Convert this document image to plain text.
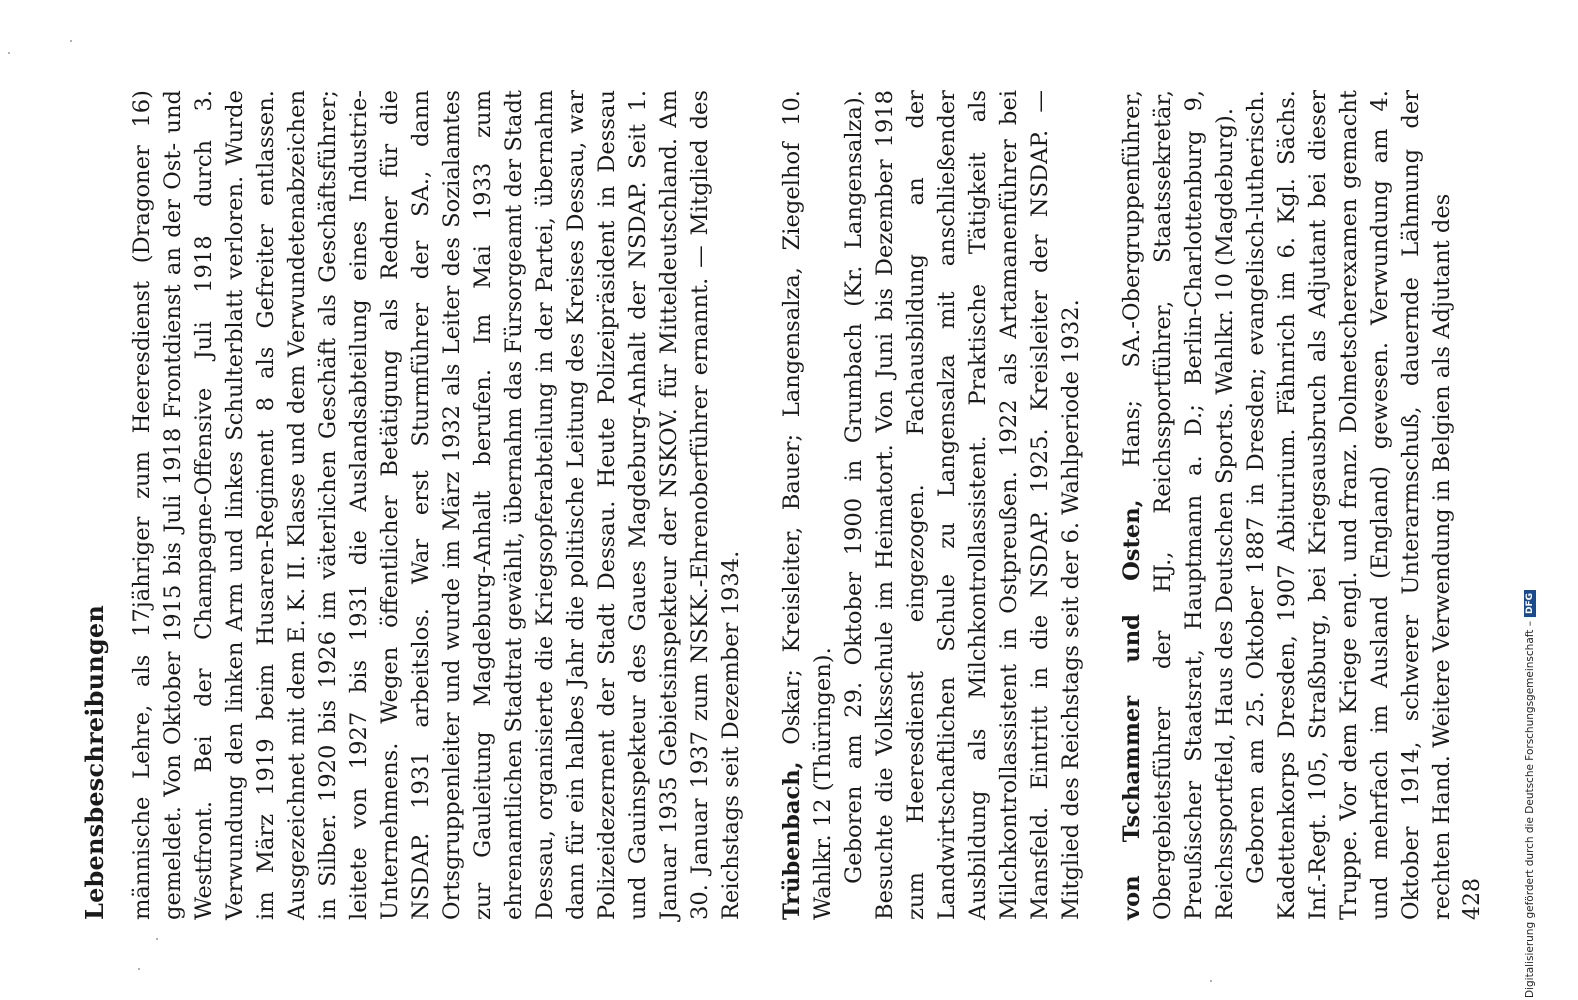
Lebensbeschreibungen männische Lehre, als 17jähriger zum Heeresdienst (Dragoner 16) gemeldet. Von Oktober 1915 bis Juli 1918 Frontdienst an der Ost- und Westfront. Bei der Champagne-Offensive Juli 1918 durch 3. Verwundung den linken Arm und linkes Schulterblatt verloren. Wurde im März 1919 beim Husaren-Regiment 8 als Gefreiter entlassen. Ausgezeichnet mit dem E. K. II. Klasse und dem Verwundetenabzeichen in Silber. 1920 bis 1926 im väterlichen Geschäft als Geschäftsführer; leitete von 1927 bis 1931 die Auslandsabteilung eines Industrie-Unternehmens. Wegen öffentlicher Betätigung als Redner für die NSDAP. 1931 arbeitslos. War erst Sturmführer der SA., dann Ortsgruppenleiter und wurde im März 1932 als Leiter des Sozialamtes zur Gauleitung Magdeburg-Anhalt berufen. Im Mai 1933 zum ehrenamtlichen Stadtrat gewählt, übernahm das Fürsorgeamt der Stadt Dessau, organisierte die Kriegsopferabteilung in der Partei, übernahm dann für ein halbes Jahr die politische Leitung des Kreises Dessau, war Polizeidezernent der Stadt Dessau. Heute Polizeipräsident in Dessau und Gauinspekteur des Gaues Magdeburg-Anhalt der NSDAP. Seit 1. Januar 1935 Gebietsinspekteur der NSKOV. für Mitteldeutschland. Am 30. Januar 1937 zum NSKK.-Ehrenoberführer ernannt. — Mitglied des Reichstags seit Dezember 1934. Trübenbach, Oskar; Kreisleiter, Bauer; Langensalza, Ziegelhof 10. Wahlkr. 12 (Thüringen). Geboren am 29. Oktober 1900 in Grumbach (Kr. Langensalza). Besuchte die Volksschule im Heimatort. Von Juni bis Dezember 1918 zum Heeresdienst eingezogen. Fachausbildung an der Landwirtschaftlichen Schule zu Langensalza mit anschließender Ausbildung als Milchkontrollassistent. Praktische Tätigkeit als Milchkontrollassistent in Ostpreußen. 1922 als Artamanenführer bei Mansfeld. Eintritt in die NSDAP. 1925. Kreisleiter der NSDAP. — Mitglied des Reichstags seit der 6. Wahlperiode 1932. von Tschammer und Osten, Hans; SA.-Obergruppenführer, Obergebietsführer der HJ., Reichssportführer, Staatssekretär, Preußischer Staatsrat, Hauptmann a. D.; Berlin-Charlottenburg 9, Reichssportfeld, Haus des Deutschen Sports. Wahlkr. 10 (Magdeburg). Geboren am 25. Oktober 1887 in Dresden; evangelisch-lutherisch. Kadettenkorps Dresden, 1907 Abiturium. Fähnrich im 6. Kgl. Sächs. Inf.-Regt. 105, Straßburg, bei Kriegsausbruch als Adjutant bei dieser Truppe. Vor dem Kriege engl. und franz. Dolmetscherexamen gemacht und mehrfach im Ausland (England) gewesen. Verwundung am 4. Oktober 1914, schwerer Unterarmschuß, dauernde Lähmung der rechten Hand. Weitere Verwendung in Belgien als Adjutant des 428	Digitalisierung gefördert durch die Deutsche Forschungsgemeinschaft –DFG
